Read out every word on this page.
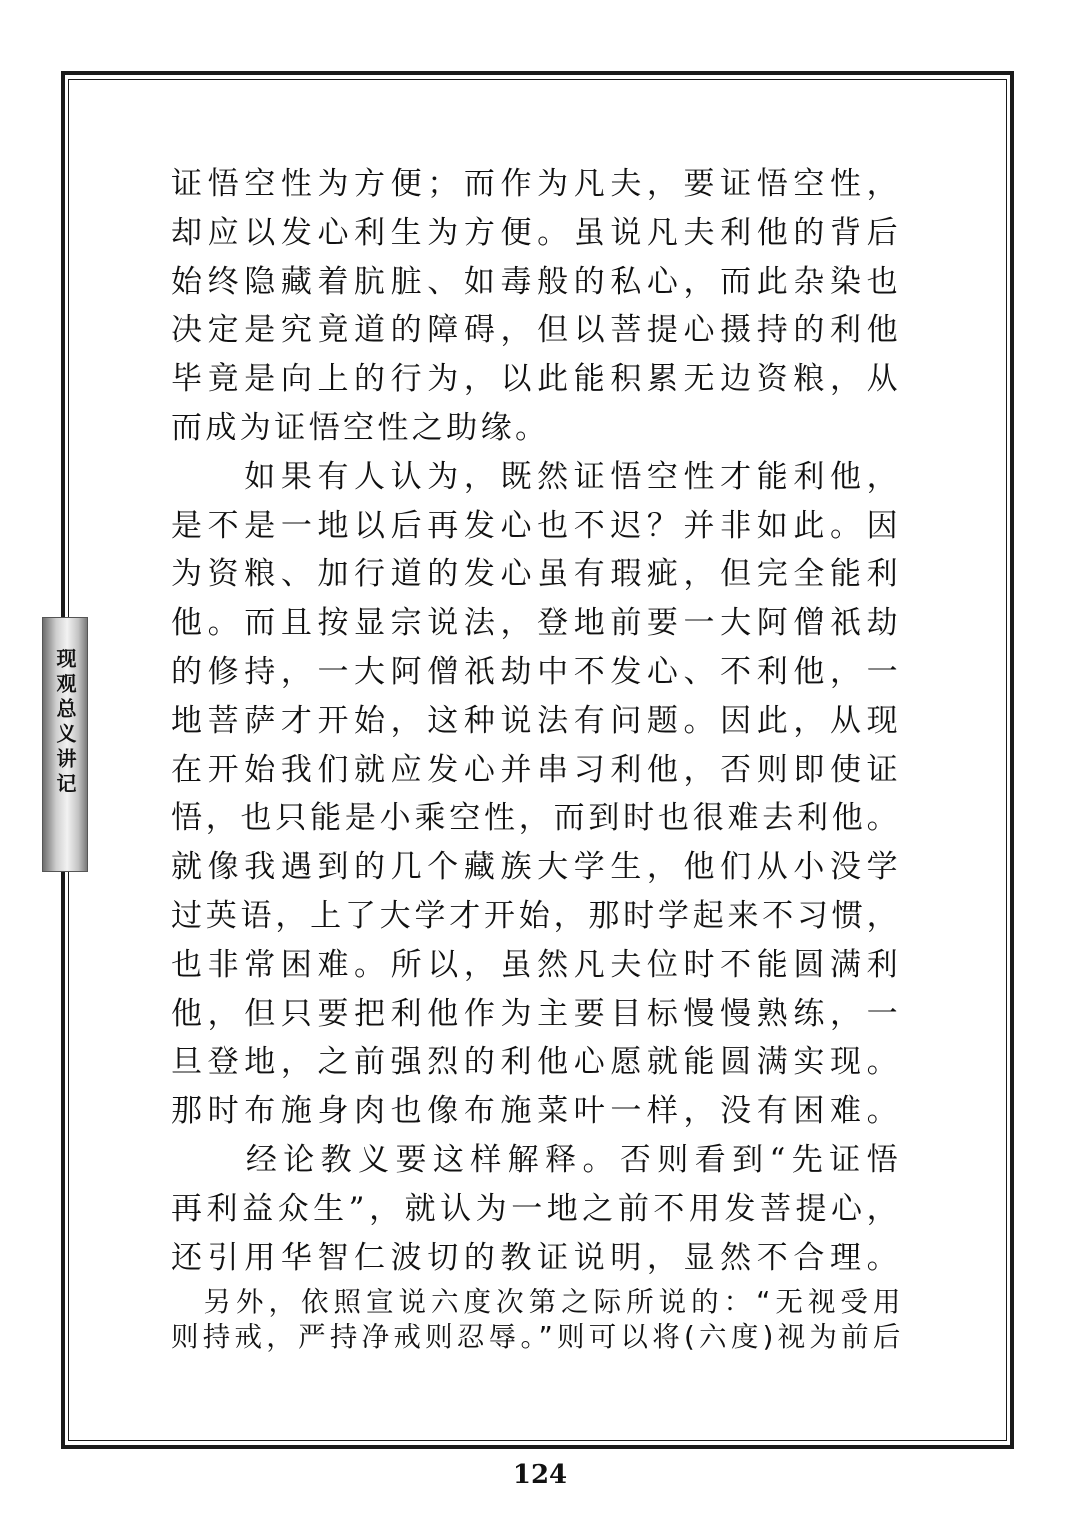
现观总义讲记
证悟空性为方便；而作为凡夫，要证悟空性，
却应以发心利生为方便。虽说凡夫利他的背后
始终隐藏着肮脏、如毒般的私心，而此杂染也
决定是究竟道的障碍，但以菩提心摄持的利他
毕竟是向上的行为，以此能积累无边资粮，从
而成为证悟空性之助缘。
　　如果有人认为，既然证悟空性才能利他，
是不是一地以后再发心也不迟？并非如此。因
为资粮、加行道的发心虽有瑕疵，但完全能利
他。而且按显宗说法，登地前要一大阿僧祇劫
的修持，一大阿僧祇劫中不发心、不利他，一
地菩萨才开始，这种说法有问题。因此，从现
在开始我们就应发心并串习利他，否则即使证
悟，也只能是小乘空性，而到时也很难去利他。
就像我遇到的几个藏族大学生，他们从小没学
过英语，上了大学才开始，那时学起来不习惯，
也非常困难。所以，虽然凡夫位时不能圆满利
他，但只要把利他作为主要目标慢慢熟练，一
旦登地，之前强烈的利他心愿就能圆满实现。
那时布施身肉也像布施菜叶一样，没有困难。
　　经论教义要这样解释。否则看到“先证悟
再利益众生”，就认为一地之前不用发菩提心，
还引用华智仁波切的教证说明，显然不合理。
　另外，依照宣说六度次第之际所说的：“无视受用
则持戒，严持净戒则忍辱。”则可以将(六度)视为前后
124
